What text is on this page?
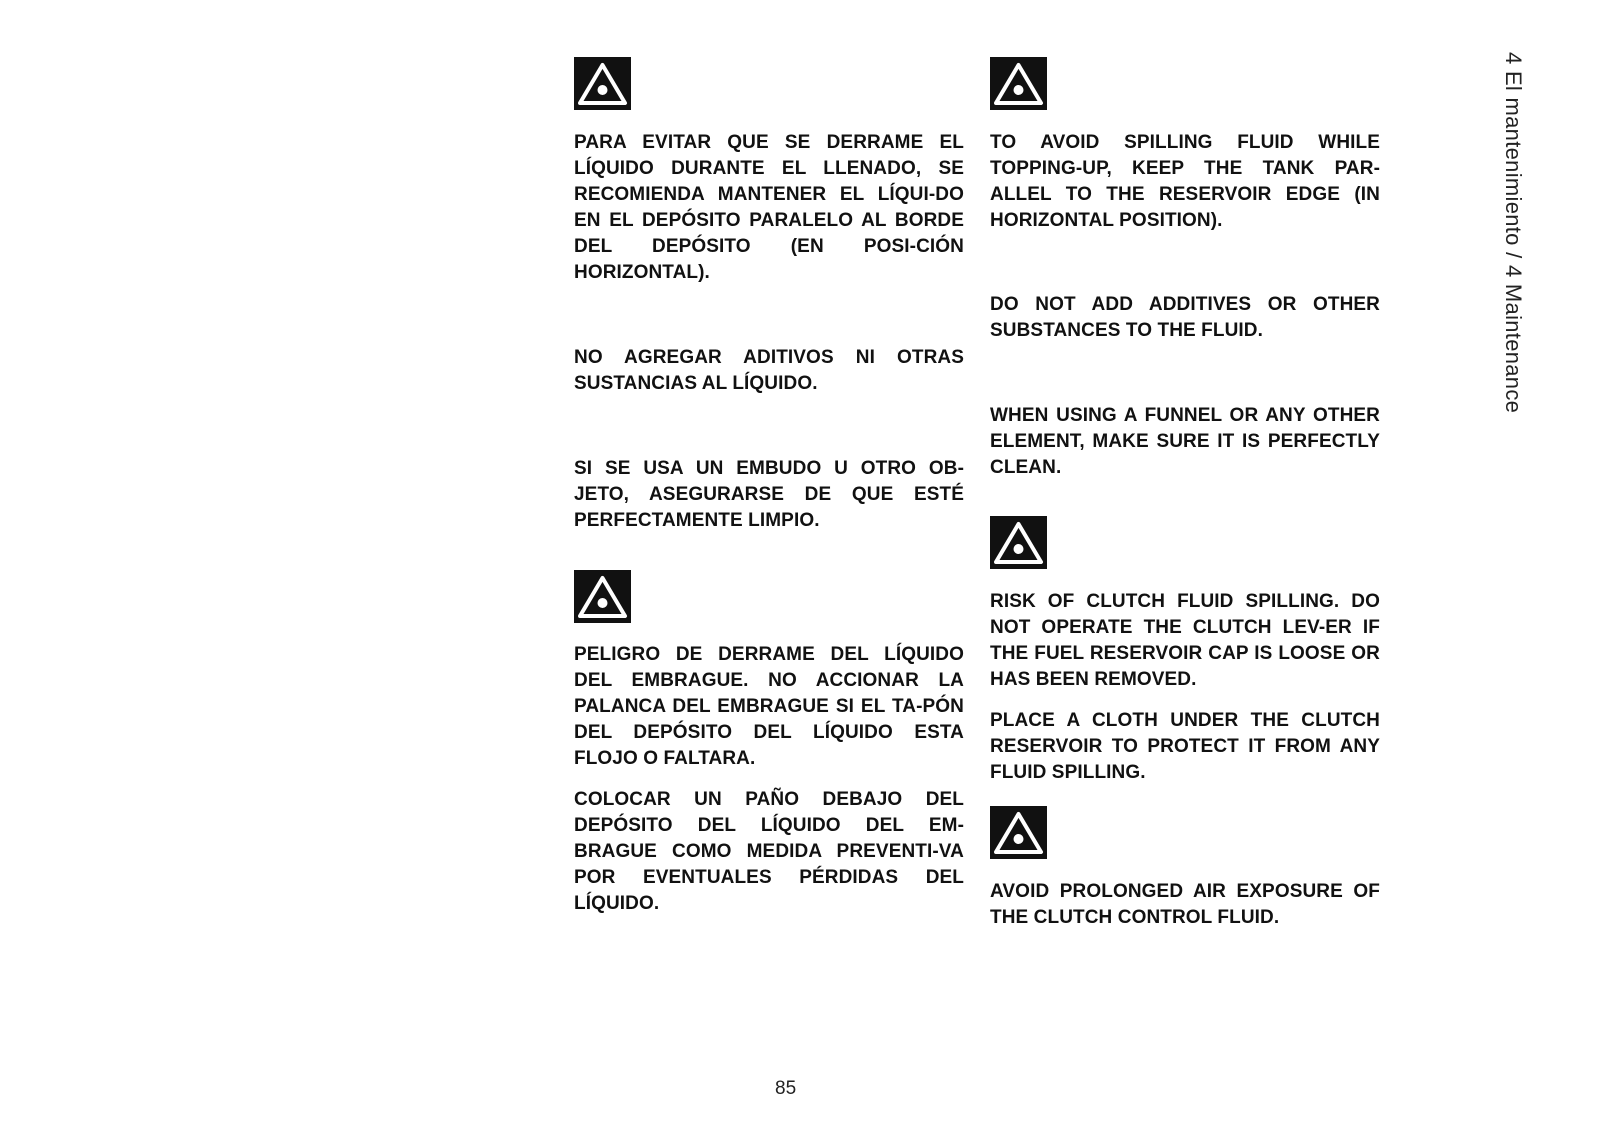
PARA EVITAR QUE SE DERRAME EL LÍQUIDO DURANTE EL LLENADO, SE RECOMIENDA MANTENER EL LÍQUI-DO EN EL DEPÓSITO PARALELO AL BORDE DEL DEPÓSITO (EN POSI-CIÓN HORIZONTAL).

NO AGREGAR ADITIVOS NI OTRAS SUSTANCIAS AL LÍQUIDO.

SI SE USA UN EMBUDO U OTRO OB-JETO, ASEGURARSE DE QUE ESTÉ PERFECTAMENTE LIMPIO.

PELIGRO DE DERRAME DEL LÍQUIDO DEL EMBRAGUE. NO ACCIONAR LA PALANCA DEL EMBRAGUE SI EL TA-PÓN DEL DEPÓSITO DEL LÍQUIDO ESTA FLOJO O FALTARA.

COLOCAR UN PAÑO DEBAJO DEL DEPÓSITO DEL LÍQUIDO DEL EM-BRAGUE COMO MEDIDA PREVENTI-VA POR EVENTUALES PÉRDIDAS DEL LÍQUIDO.

TO AVOID SPILLING FLUID WHILE TOPPING-UP, KEEP THE TANK PAR-ALLEL TO THE RESERVOIR EDGE (IN HORIZONTAL POSITION).

DO NOT ADD ADDITIVES OR OTHER SUBSTANCES TO THE FLUID.

WHEN USING A FUNNEL OR ANY OTHER ELEMENT, MAKE SURE IT IS PERFECTLY CLEAN.

RISK OF CLUTCH FLUID SPILLING. DO NOT OPERATE THE CLUTCH LEV-ER IF THE FUEL RESERVOIR CAP IS LOOSE OR HAS BEEN REMOVED.

PLACE A CLOTH UNDER THE CLUTCH RESERVOIR TO PROTECT IT FROM ANY FLUID SPILLING.

AVOID PROLONGED AIR EXPOSURE OF THE CLUTCH CONTROL FLUID.

4 El mantenimiento / 4 Maintenance
85
